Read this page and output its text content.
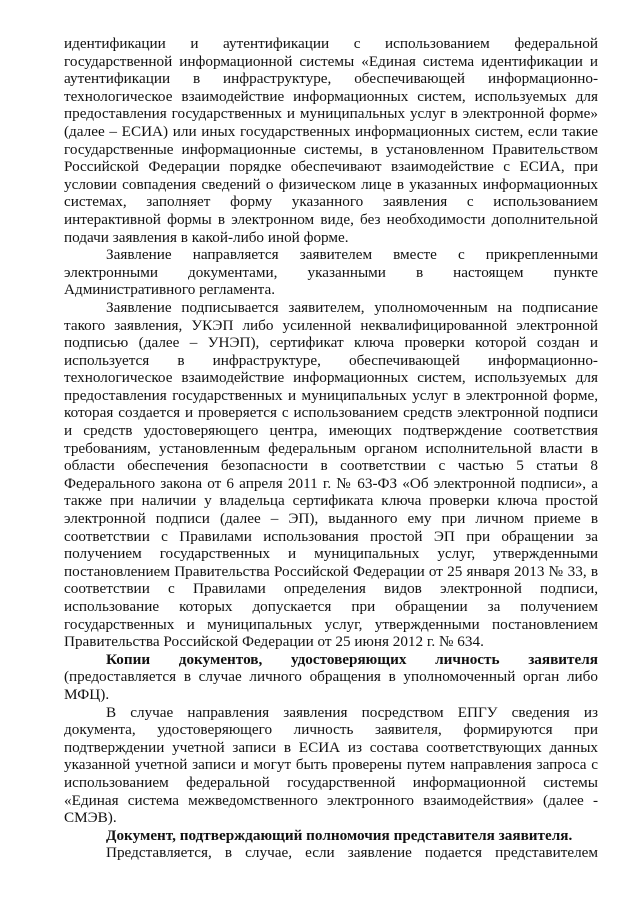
идентификации и аутентификации с использованием федеральной государственной информационной системы «Единая система идентификации и аутентификации в инфраструктуре, обеспечивающей информационно-технологическое взаимодействие информационных систем, используемых для предоставления государственных и муниципальных услуг в электронной форме» (далее – ЕСИА) или иных государственных информационных систем, если такие государственные информационные системы, в установленном Правительством Российской Федерации порядке обеспечивают взаимодействие с ЕСИА, при условии совпадения сведений о физическом лице в указанных информационных системах, заполняет форму указанного заявления с использованием интерактивной формы в электронном виде, без необходимости дополнительной подачи заявления в какой-либо иной форме.

Заявление направляется заявителем вместе с прикрепленными электронными документами, указанными в настоящем пункте Административного регламента.

Заявление подписывается заявителем, уполномоченным на подписание такого заявления, УКЭП либо усиленной неквалифицированной электронной подписью (далее – УНЭП), сертификат ключа проверки которой создан и используется в инфраструктуре, обеспечивающей информационно-технологическое взаимодействие информационных систем, используемых для предоставления государственных и муниципальных услуг в электронной форме, которая создается и проверяется с использованием средств электронной подписи и средств удостоверяющего центра, имеющих подтверждение соответствия требованиям, установленным федеральным органом исполнительной власти в области обеспечения безопасности в соответствии с частью 5 статьи 8 Федерального закона от 6 апреля 2011 г. № 63-ФЗ «Об электронной подписи», а также при наличии у владельца сертификата ключа проверки ключа простой электронной подписи (далее – ЭП), выданного ему при личном приеме в соответствии с Правилами использования простой ЭП при обращении за получением государственных и муниципальных услуг, утвержденными постановлением Правительства Российской Федерации от 25 января 2013 № 33, в соответствии с Правилами определения видов электронной подписи, использование которых допускается при обращении за получением государственных и муниципальных услуг, утвержденными постановлением Правительства Российской Федерации от 25 июня 2012 г. № 634.

Копии документов, удостоверяющих личность заявителя (предоставляется в случае личного обращения в уполномоченный орган либо МФЦ).

В случае направления заявления посредством ЕПГУ сведения из документа, удостоверяющего личность заявителя, формируются при подтверждении учетной записи в ЕСИА из состава соответствующих данных указанной учетной записи и могут быть проверены путем направления запроса с использованием федеральной государственной информационной системы «Единая система межведомственного электронного взаимодействия» (далее - СМЭВ).

Документ, подтверждающий полномочия представителя заявителя.

Представляется, в случае, если заявление подается представителем
